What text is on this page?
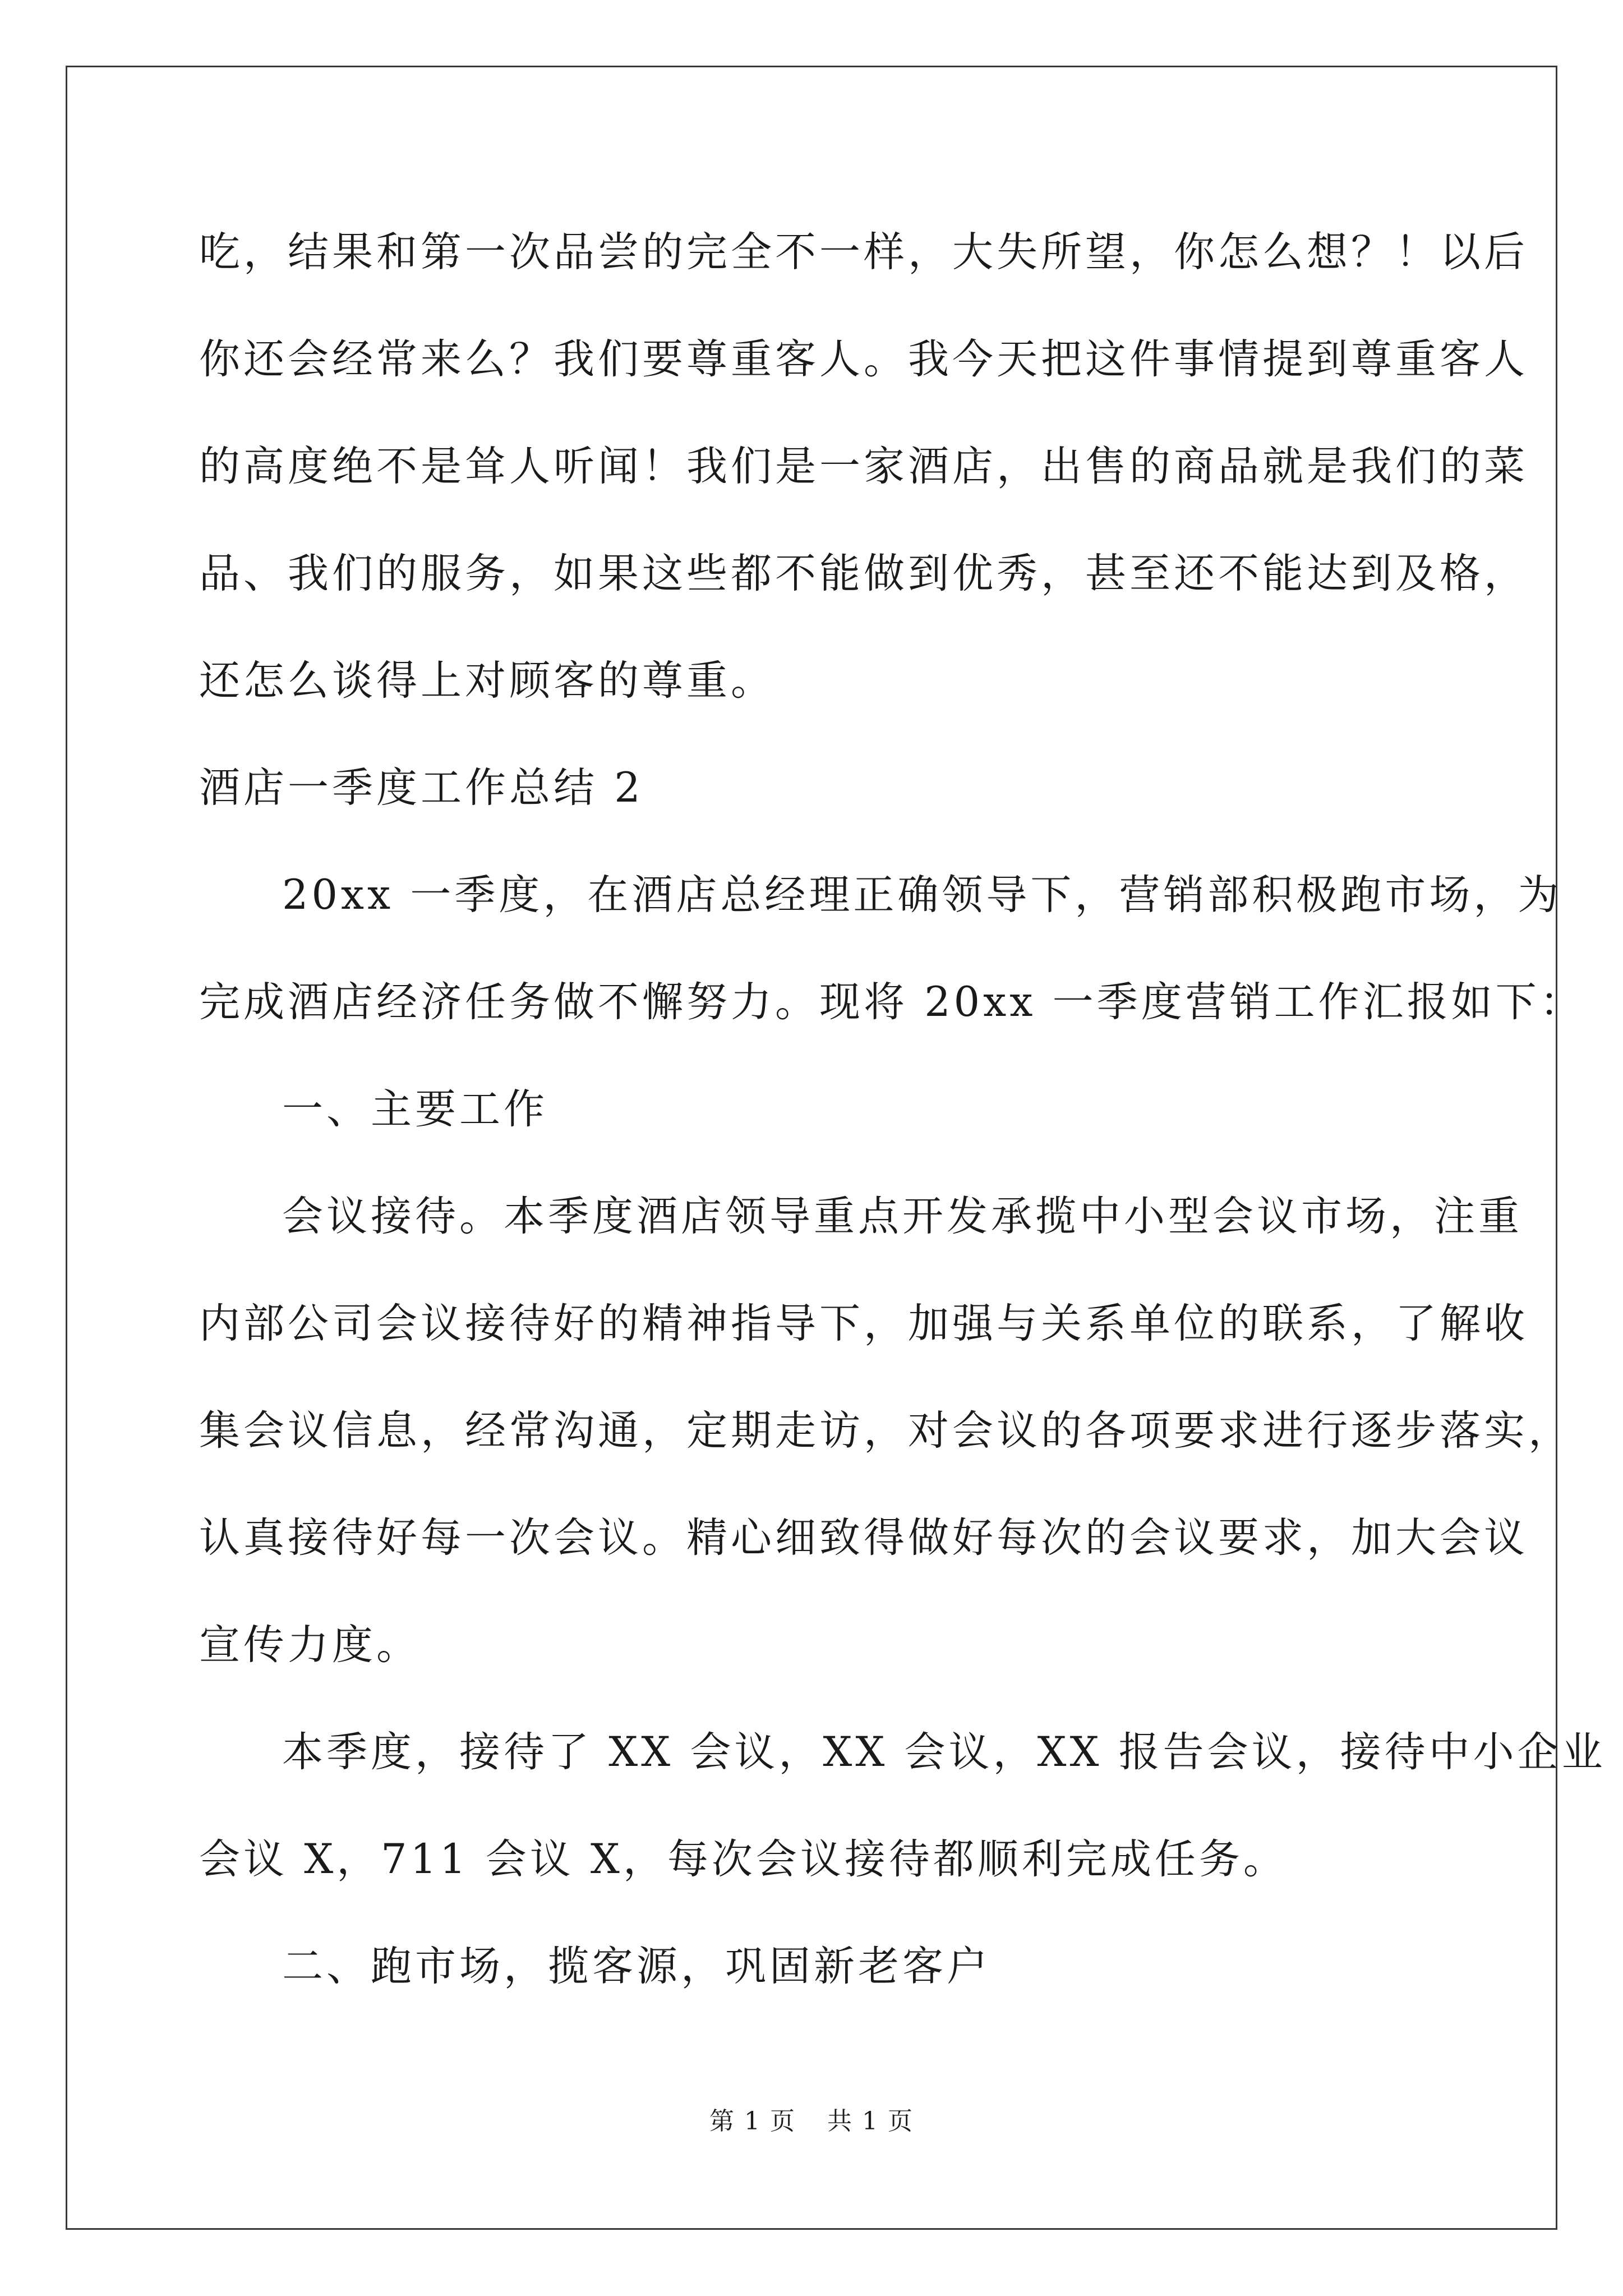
吃，结果和第一次品尝的完全不一样，大失所望，你怎么想？！以后
你还会经常来么？我们要尊重客人。我今天把这件事情提到尊重客人
的高度绝不是耸人听闻！我们是一家酒店，出售的商品就是我们的菜
品、我们的服务，如果这些都不能做到优秀，甚至还不能达到及格，
还怎么谈得上对顾客的尊重。
酒店一季度工作总结 2
20xx 一季度，在酒店总经理正确领导下，营销部积极跑市场，为
完成酒店经济任务做不懈努力。现将 20xx 一季度营销工作汇报如下：
一、主要工作
会议接待。本季度酒店领导重点开发承揽中小型会议市场，注重
内部公司会议接待好的精神指导下，加强与关系单位的联系，了解收
集会议信息，经常沟通，定期走访，对会议的各项要求进行逐步落实，
认真接待好每一次会议。精心细致得做好每次的会议要求，加大会议
宣传力度。
本季度，接待了 XX 会议，XX 会议，XX 报告会议，接待中小企业
会议 X，711 会议 X，每次会议接待都顺利完成任务。
二、跑市场，揽客源，巩固新老客户
第 1 页 共 1 页
